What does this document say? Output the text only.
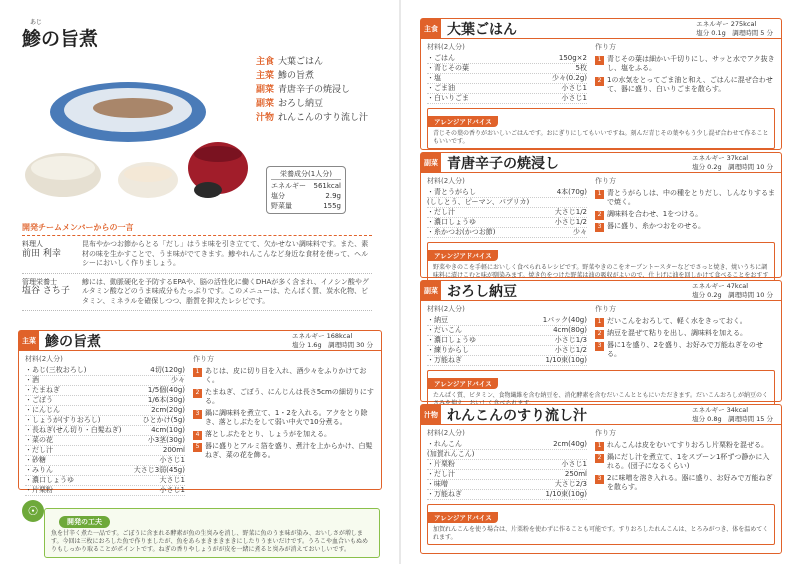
あじ
鯵の旨煮
主食 大葉ごはん
主菜 鯵の旨煮
副菜 青唐辛子の焼浸し
副菜 おろし納豆
汁物 れんこんのすり流し汁
栄養成分(1人分)
エネルギー 561kcal
塩分	2.9g
野菜量	155g
開発チームメンバーからの一言
料理人
前田 利幸
昆布やかつお節からとる「だし」はうま味を引き立てて、欠かせない調味料です。また、素材の味を生かすことで、うま味がでてきます。鯵やれんこんなど身近な食材を使って、ヘルシーにおいしく作りましょう。
管理栄養士
塩谷 さち子
鯵には、動脈硬化を予防するEPAや、脳の活性化に働くDHAが多く含まれ、イノシン酸やグルタミン酸などのうま味成分もたっぷりです。このメニューは、たんぱく質、炭水化物、ビタミン、ミネラルを確保しつつ、脂質を抑えたレシピです。
主菜 鯵の旨煮	エネルギー 168kcal
塩分 1.6g　 調理時間 30 分
材料(2人分)
・あじ(三枚おろし)	4切(120g)
・酒	少々
・たまねぎ	1/5個(40g)
・ごぼう	1/6本(30g)
・にんじん	2cm(20g)
・しょうが(すりおろし)	ひとかけ(5g)
・長ねぎ(せん切り・白髪ねぎ)	4cm(10g)
・菜の花	小3茎(30g)
・だし汁	200ml
・砂糖	小さじ1
・みりん	大さじ3弱(45g)
・濃口しょうゆ	大さじ1
・片栗粉	小さじ1
作り方
1 あじは、皮に切り目を入れ、酒少々をふりかけておく。
2 たまねぎ、ごぼう、にんじんは長さ5cmの細切りにする。
3 鍋に調味料を煮立て、1・2を入れる。アクをとり除き、落としぶたをして弱い中火で10分煮る。
4 落としぶたをとり、しょうがを加える。
5 器に盛りとアルミ箔を盛り、煮汁を上からかけ、白髪ねぎ、菜の花を飾る。
☉
開発の工夫
魚を甘辛く煮た一品です。ごぼうに含まれる酵素が魚の生臭みを消し、野菜に魚のうま味が染み、おいしさが増します。今回は三枚におろした魚で作りましたが、魚をあらまきまきまきにしたりうまいだけです。うろこや血合いもぬめりもしっかり取ることがポイントです。ねぎの香りやしょうがが皮を一緒に煮ると臭みが消えておいしいです。
主食 大葉ごはん	エネルギー 275kcal
塩分 0.1g　調理時間 5 分
材料(2人分)
・ごはん	150g×2
・青じその葉	5枚
・塩	少々(0.2g)
・ごま油	小さじ1
・白いりごま	小さじ1
作り方
1 青じその葉は細かい千切りにし、サッと水でアク抜きし、塩をふる。
2 1の水気をとってごま油と和え、ごはんに混ぜ合わせて、器に盛り、白いりごまを散らす。
アレンジアドバイス
青じその葉の香りがおいしいごはんです。おにぎりにしてもいいですね。刻んだ青じその葉やもう少し混ぜ合わせて作ることもいいです。
副菜 青唐辛子の焼浸し	エネルギー 37kcal
塩分 0.2g　調理時間 10 分
材料(2人分)
・青とうがらし	4本(70g)
(ししとう、ピーマン、パプリカ)
・だし汁	大さじ1/2
・濃口しょうゆ	小さじ1/2
・糸かつお(かつお節)	少々
作り方
1 青とうがらしは、中の種をとりだし、しんなりするまで焼く。
2 調味料を合わせ、1をつける。
3 器に盛り、糸かつおをのせる。
アレンジアドバイス
野菜やきのこを手軽においしく食べられるレシピです。野菜やきのこをオーブントースターなどでさっと焼き、焼いうちに調味料に漬けこむと味が馴染みます。焼き色をつけた野菜は油の吸収がよいので、仕上げに油を回しかけて食べることをおすす
副菜 おろし納豆	エネルギー 47kcal
塩分 0.2g　調理時間 10 分
材料(2人分)
・納豆	1パック(40g)
・だいこん	4cm(80g)
・濃口しょうゆ	小さじ1/3
・練りからし	小さじ1/2
・万能ねぎ	1/10束(10g)
作り方
1 だいこんをおろして、軽く水をきっておく。
2 納豆を混ぜて粘りを出し、調味料を加える。
3 器に1を盛り、2を盛り、お好みで万能ねぎをのせる。
アレンジアドバイス
たんぱく質、ビタミン、食物繊維を含む納豆を、消化酵素を含むだいこんとともにいただきます。だいこんおろしが納豆のく
汁物 れんこんのすり流し汁	エネルギー 34kcal
塩分 0.8g　調理時間 15 分
材料(2人分)
・れんこん	2cm(40g)
(加賀れんこん)
・片栗粉	小さじ1
・だし汁	250ml
・味噌	大さじ2/3
・万能ねぎ	1/10束(10g)
作り方
1 れんこんは皮をむいてすりおろし片栗粉を混ぜる。
2 鍋にだし汁を煮立て、1をスプーン1杯ずつ静かに入れる。(団子になるくらい)
3 2に味噌を溶き入れる。器に盛り、お好みで万能ねぎを散らす。
アレンジアドバイス
加賀れんこんを使う場合は、片栗粉を使わずに作ることも可能です。すりおろしたれんこんは、とろみがつき、体を温めてくれます。
